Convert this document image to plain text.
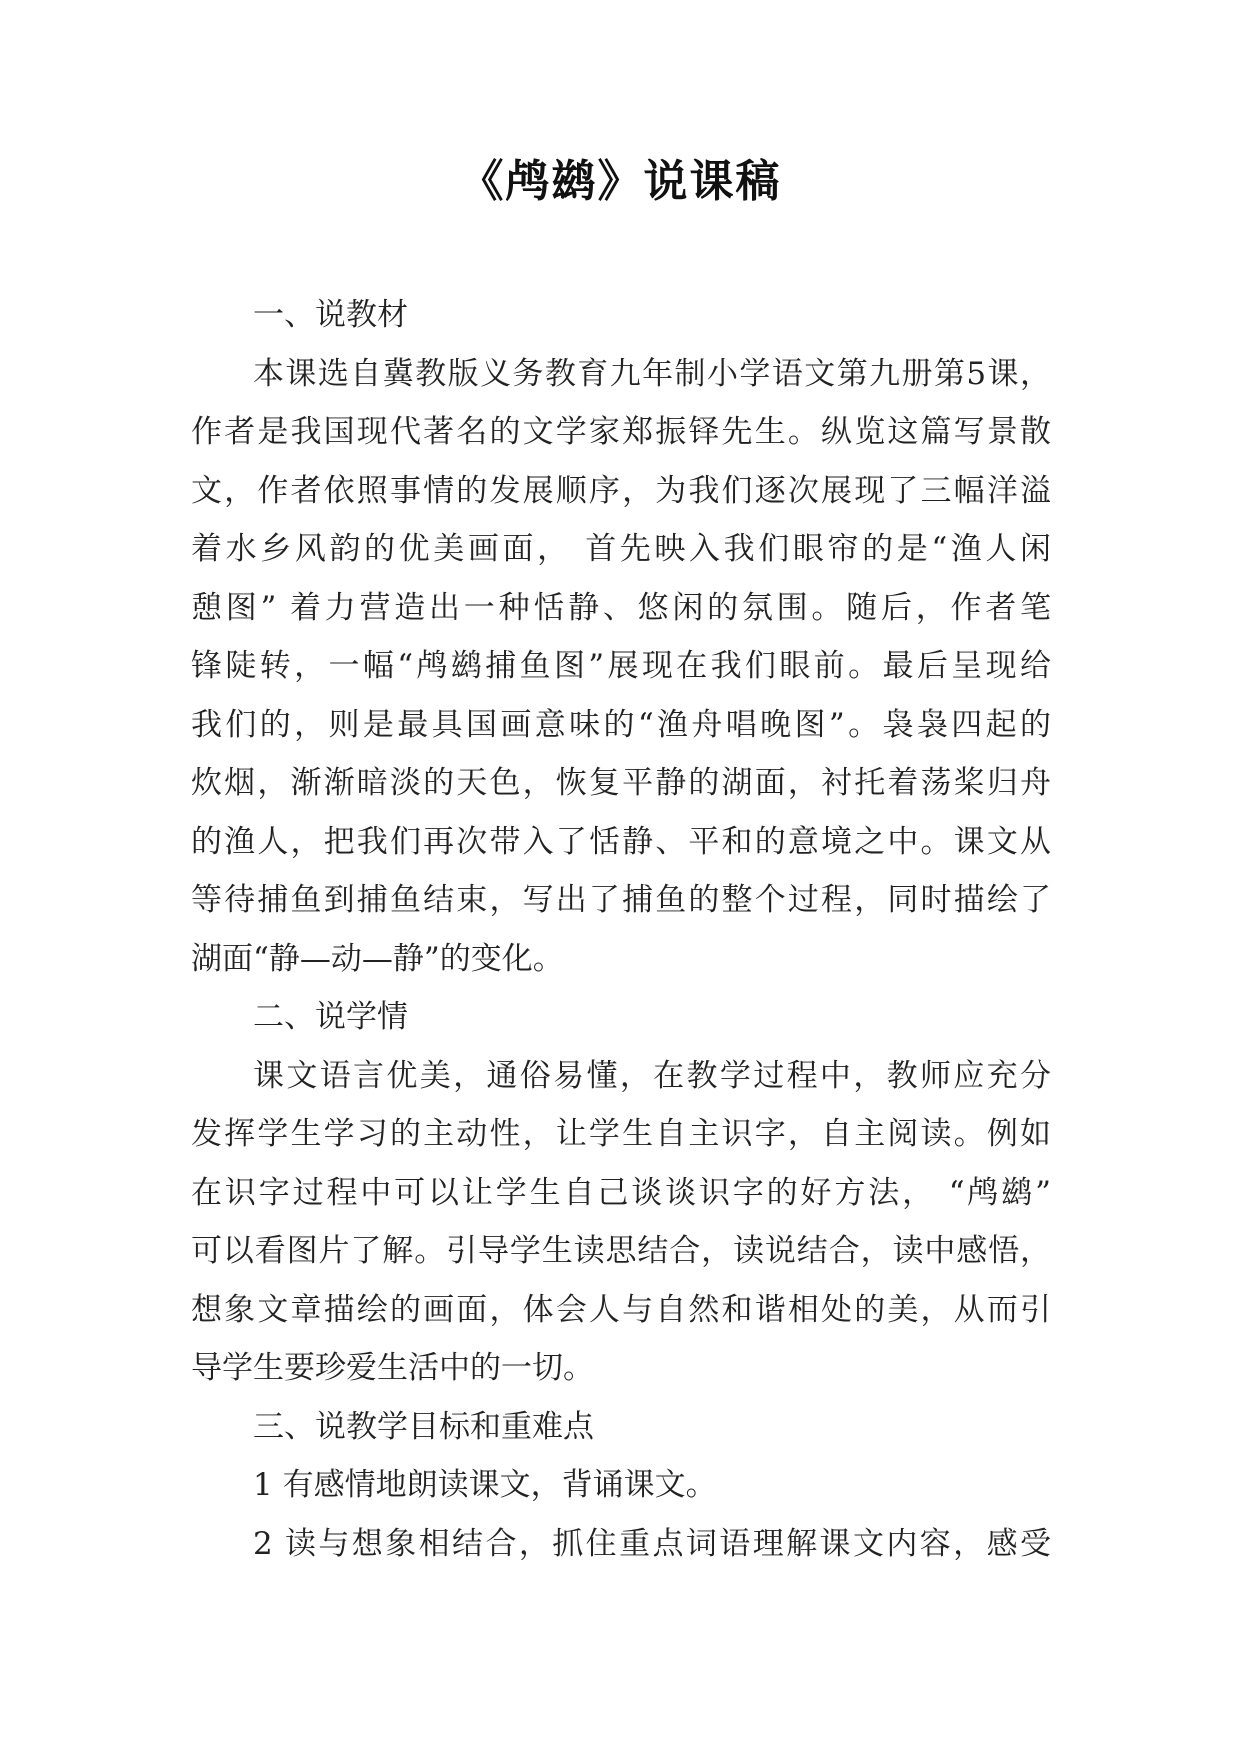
《鸬鹚》说课稿
一、说教材
本课选自冀教版义务教育九年制小学语文第九册第5课，
作者是我国现代著名的文学家郑振铎先生。纵览这篇写景散
文，作者依照事情的发展顺序，为我们逐次展现了三幅洋溢
着水乡风韵的优美画面， 首先映入我们眼帘的是“渔人闲
憩图” 着力营造出一种恬静、悠闲的氛围。随后，作者笔
锋陡转，一幅“鸬鹚捕鱼图”展现在我们眼前。最后呈现给
我们的，则是最具国画意味的“渔舟唱晚图”。袅袅四起的
炊烟，渐渐暗淡的天色，恢复平静的湖面，衬托着荡桨归舟
的渔人，把我们再次带入了恬静、平和的意境之中。课文从
等待捕鱼到捕鱼结束，写出了捕鱼的整个过程，同时描绘了
湖面“静—动—静”的变化。
二、说学情
课文语言优美，通俗易懂，在教学过程中，教师应充分
发挥学生学习的主动性，让学生自主识字，自主阅读。例如
在识字过程中可以让学生自己谈谈识字的好方法， “鸬鹚”
可以看图片了解。引导学生读思结合，读说结合，读中感悟，
想象文章描绘的画面，体会人与自然和谐相处的美，从而引
导学生要珍爱生活中的一切。
三、说教学目标和重难点
1 有感情地朗读课文，背诵课文。
2 读与想象相结合，抓住重点词语理解课文内容，感受
